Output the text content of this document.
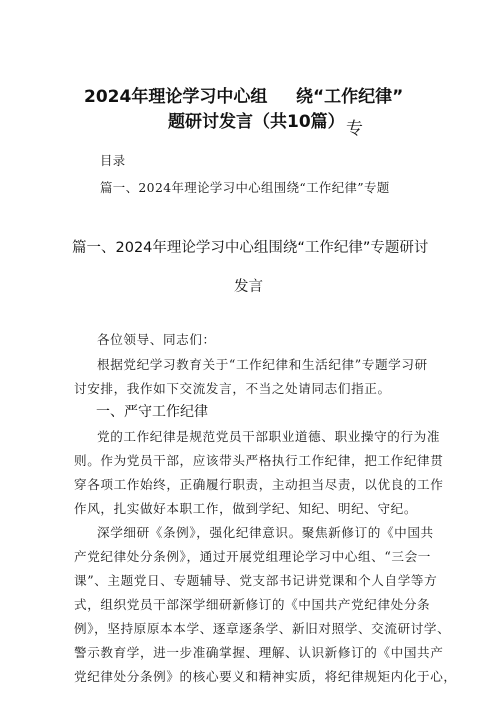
2024年理论学习中心组 绕“工作纪律”
题研讨发言（共10篇） 专
目录
篇一、2024年理论学习中心组围绕“工作纪律”专题
篇一、2024年理论学习中心组围绕“工作纪律”专题研讨
发言
各位领导、同志们：
根据党纪学习教育关于“工作纪律和生活纪律”专题学习研
讨安排，我作如下交流发言，不当之处请同志们指正。
一、严守工作纪律
党的工作纪律是规范党员干部职业道德、职业操守的行为准
则。作为党员干部，应该带头严格执行工作纪律，把工作纪律贯
穿各项工作始终，正确履行职责，主动担当尽责，以优良的工作
作风，扎实做好本职工作，做到学纪、知纪、明纪、守纪。
深学细研《条例》，强化纪律意识。聚焦新修订的《中国共
产党纪律处分条例》，通过开展党组理论学习中心组、“三会一
课”、主题党日、专题辅导、党支部书记讲党课和个人自学等方
式，组织党员干部深学细研新修订的《中国共产党纪律处分条
例》，坚持原原本本学、逐章逐条学、新旧对照学、交流研讨学、
警示教育学，进一步准确掌握、理解、认识新修订的《中国共产
党纪律处分条例》的核心要义和精神实质，将纪律规矩内化于心，
